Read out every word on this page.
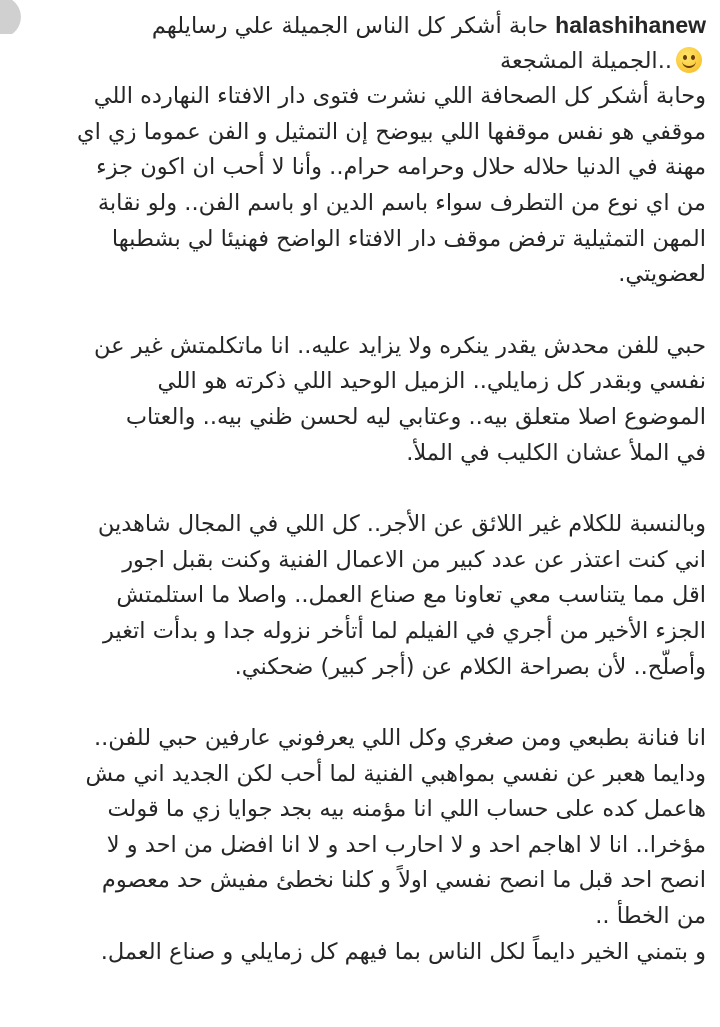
halashihanew حابة أشكر كل الناس الجميلة علي رسايلهم
..الجميلة المشجعة
وحابة أشكر كل الصحافة اللي نشرت فتوى دار الافتاء النهارده اللي
موقفي هو نفس موقفها اللي بيوضح إن التمثيل و الفن عموما زي اي
مهنة في الدنيا حلاله حلال وحرامه حرام.. وأنا لا أحب ان اكون جزء
من اي نوع من التطرف سواء باسم الدين او باسم الفن.. ولو نقابة
المهن التمثيلية ترفض موقف دار الافتاء الواضح فهنيئا لي بشطبها
لعضويتي.
حبي للفن محدش يقدر ينكره ولا يزايد عليه.. انا ماتكلمتش غير عن
نفسي وبقدر كل زمايلي.. الزميل الوحيد اللي ذكرته هو اللي
الموضوع اصلا متعلق بيه.. وعتابي ليه لحسن ظني بيه.. والعتاب
في الملأ عشان الكليب في الملأ.
وبالنسبة للكلام غير اللائق عن الأجر.. كل اللي في المجال شاهدين
اني كنت اعتذر عن عدد كبير من الاعمال الفنية وكنت بقبل اجور
اقل مما يتناسب معي تعاونا مع صناع العمل.. واصلا ما استلمتش
الجزء الأخير من أجري في الفيلم لما أتأخر نزوله جدا و بدأت اتغير
وأصلّح.. لأن بصراحة الكلام عن (أجر كبير) ضحكني.
انا فنانة بطبعي ومن صغري وكل اللي يعرفوني عارفين حبي للفن..
ودايما هعبر عن نفسي بمواهبي الفنية لما أحب لكن الجديد اني مش
هاعمل كده على حساب اللي انا مؤمنه بيه بجد جوايا زي ما قولت
مؤخرا.. انا لا اهاجم احد و لا احارب احد و لا انا افضل من احد و لا
انصح احد قبل ما انصح نفسي اولاً و كلنا نخطئ مفيش حد معصوم
من الخطأ ..
و بتمني الخير دايماً لكل الناس بما فيهم كل زمايلي و صناع العمل.
